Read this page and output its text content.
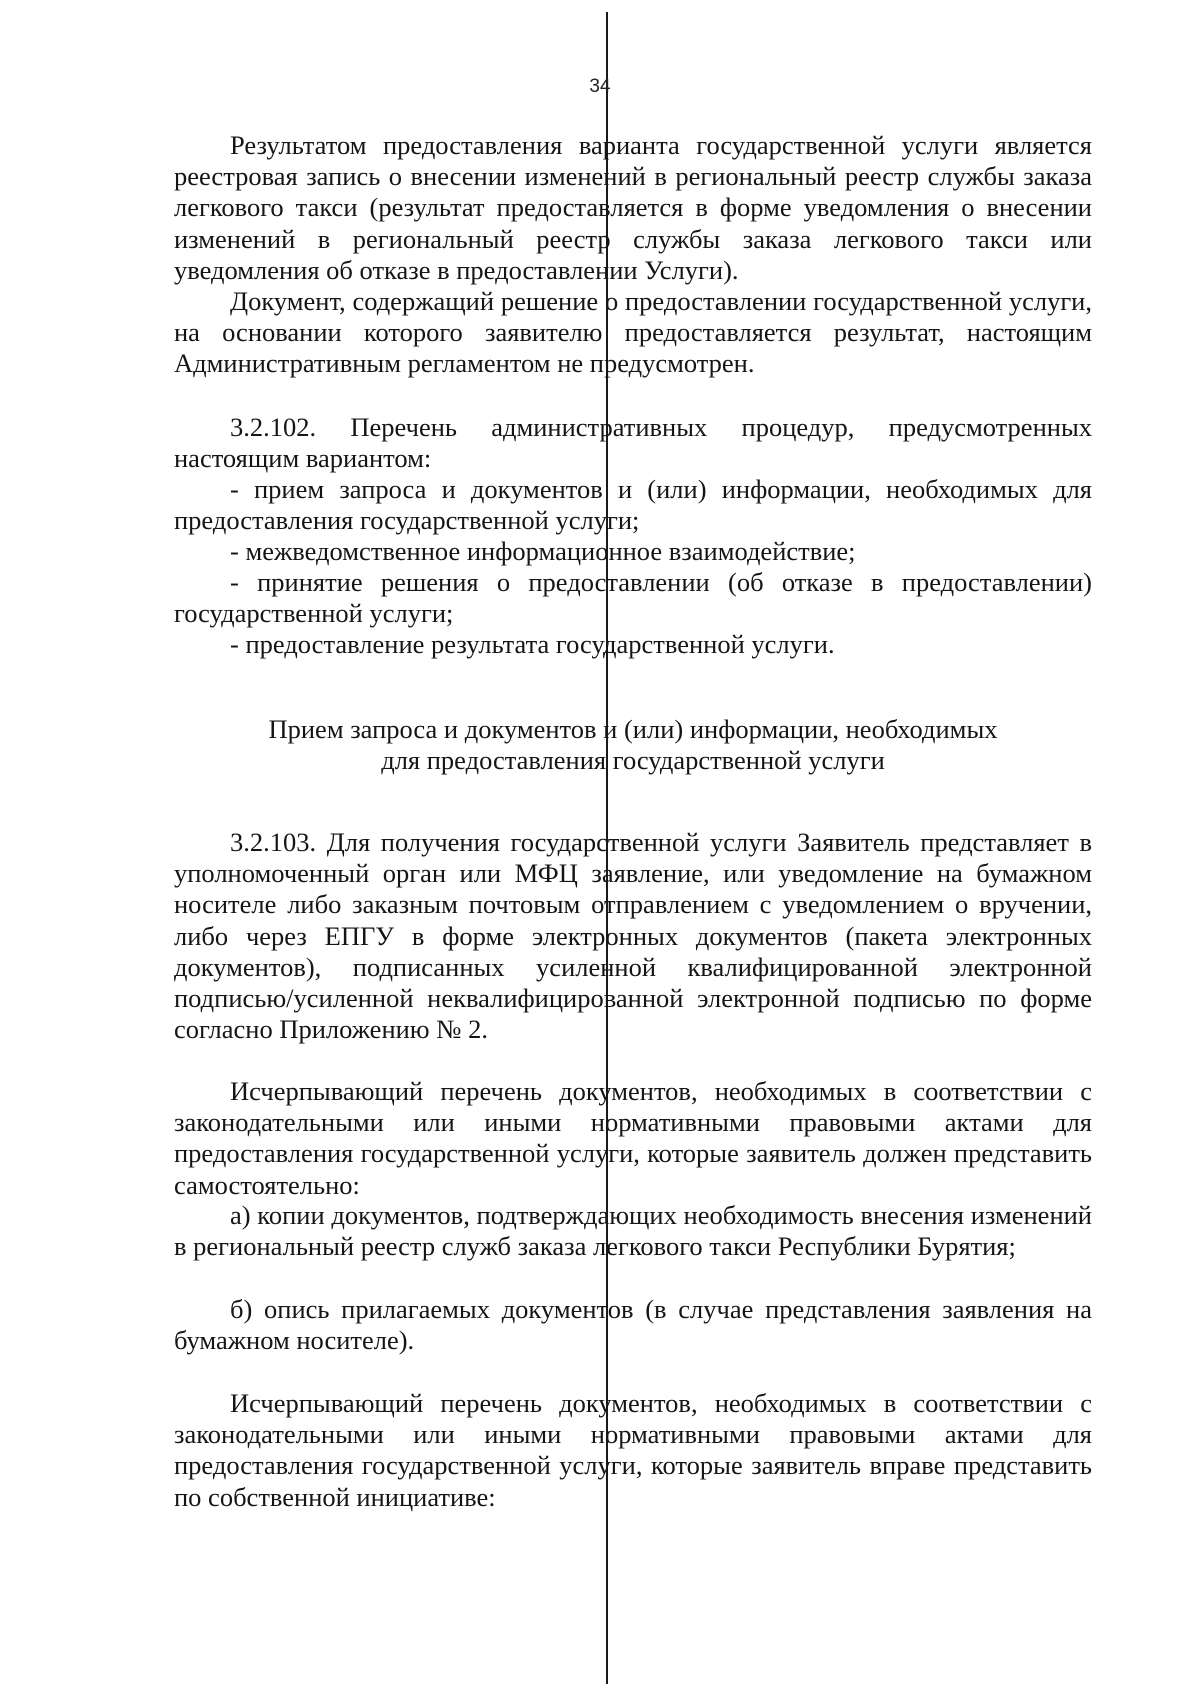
34

Результатом предоставления варианта государственной услуги является реестровая запись о внесении изменений в региональный реестр службы заказа легкового такси (результат предоставляется в форме уведомления о внесении изменений в региональный реестр службы заказа легкового такси или уведомления об отказе в предоставлении Услуги).

Документ, содержащий решение о предоставлении государственной услуги, на основании которого заявителю предоставляется результат, настоящим Административным регламентом не предусмотрен.

3.2.102. Перечень административных процедур, предусмотренных настоящим вариантом:

- прием запроса и документов и (или) информации, необходимых для предоставления государственной услуги;

- межведомственное информационное взаимодействие;

- принятие решения о предоставлении (об отказе в предоставлении) государственной услуги;

- предоставление результата государственной услуги.

Прием запроса и документов и (или) информации, необходимых

для предоставления государственной услуги

3.2.103. Для получения государственной услуги Заявитель представляет в уполномоченный орган или МФЦ заявление, или уведомление на бумажном носителе либо заказным почтовым отправлением с уведомлением о вручении, либо через ЕПГУ в форме электронных документов (пакета электронных документов), подписанных усиленной квалифицированной электронной подписью/усиленной неквалифицированной электронной подписью по форме согласно Приложению № 2.

Исчерпывающий перечень документов, необходимых в соответствии с законодательными или иными нормативными правовыми актами для предоставления государственной услуги, которые заявитель должен представить самостоятельно:

а) копии документов, подтверждающих необходимость внесения изменений в региональный реестр служб заказа легкового такси Республики Бурятия;

б) опись прилагаемых документов (в случае представления заявления на бумажном носителе).

Исчерпывающий перечень документов, необходимых в соответствии с законодательными или иными нормативными правовыми актами для предоставления государственной услуги, которые заявитель вправе представить по собственной инициативе:
